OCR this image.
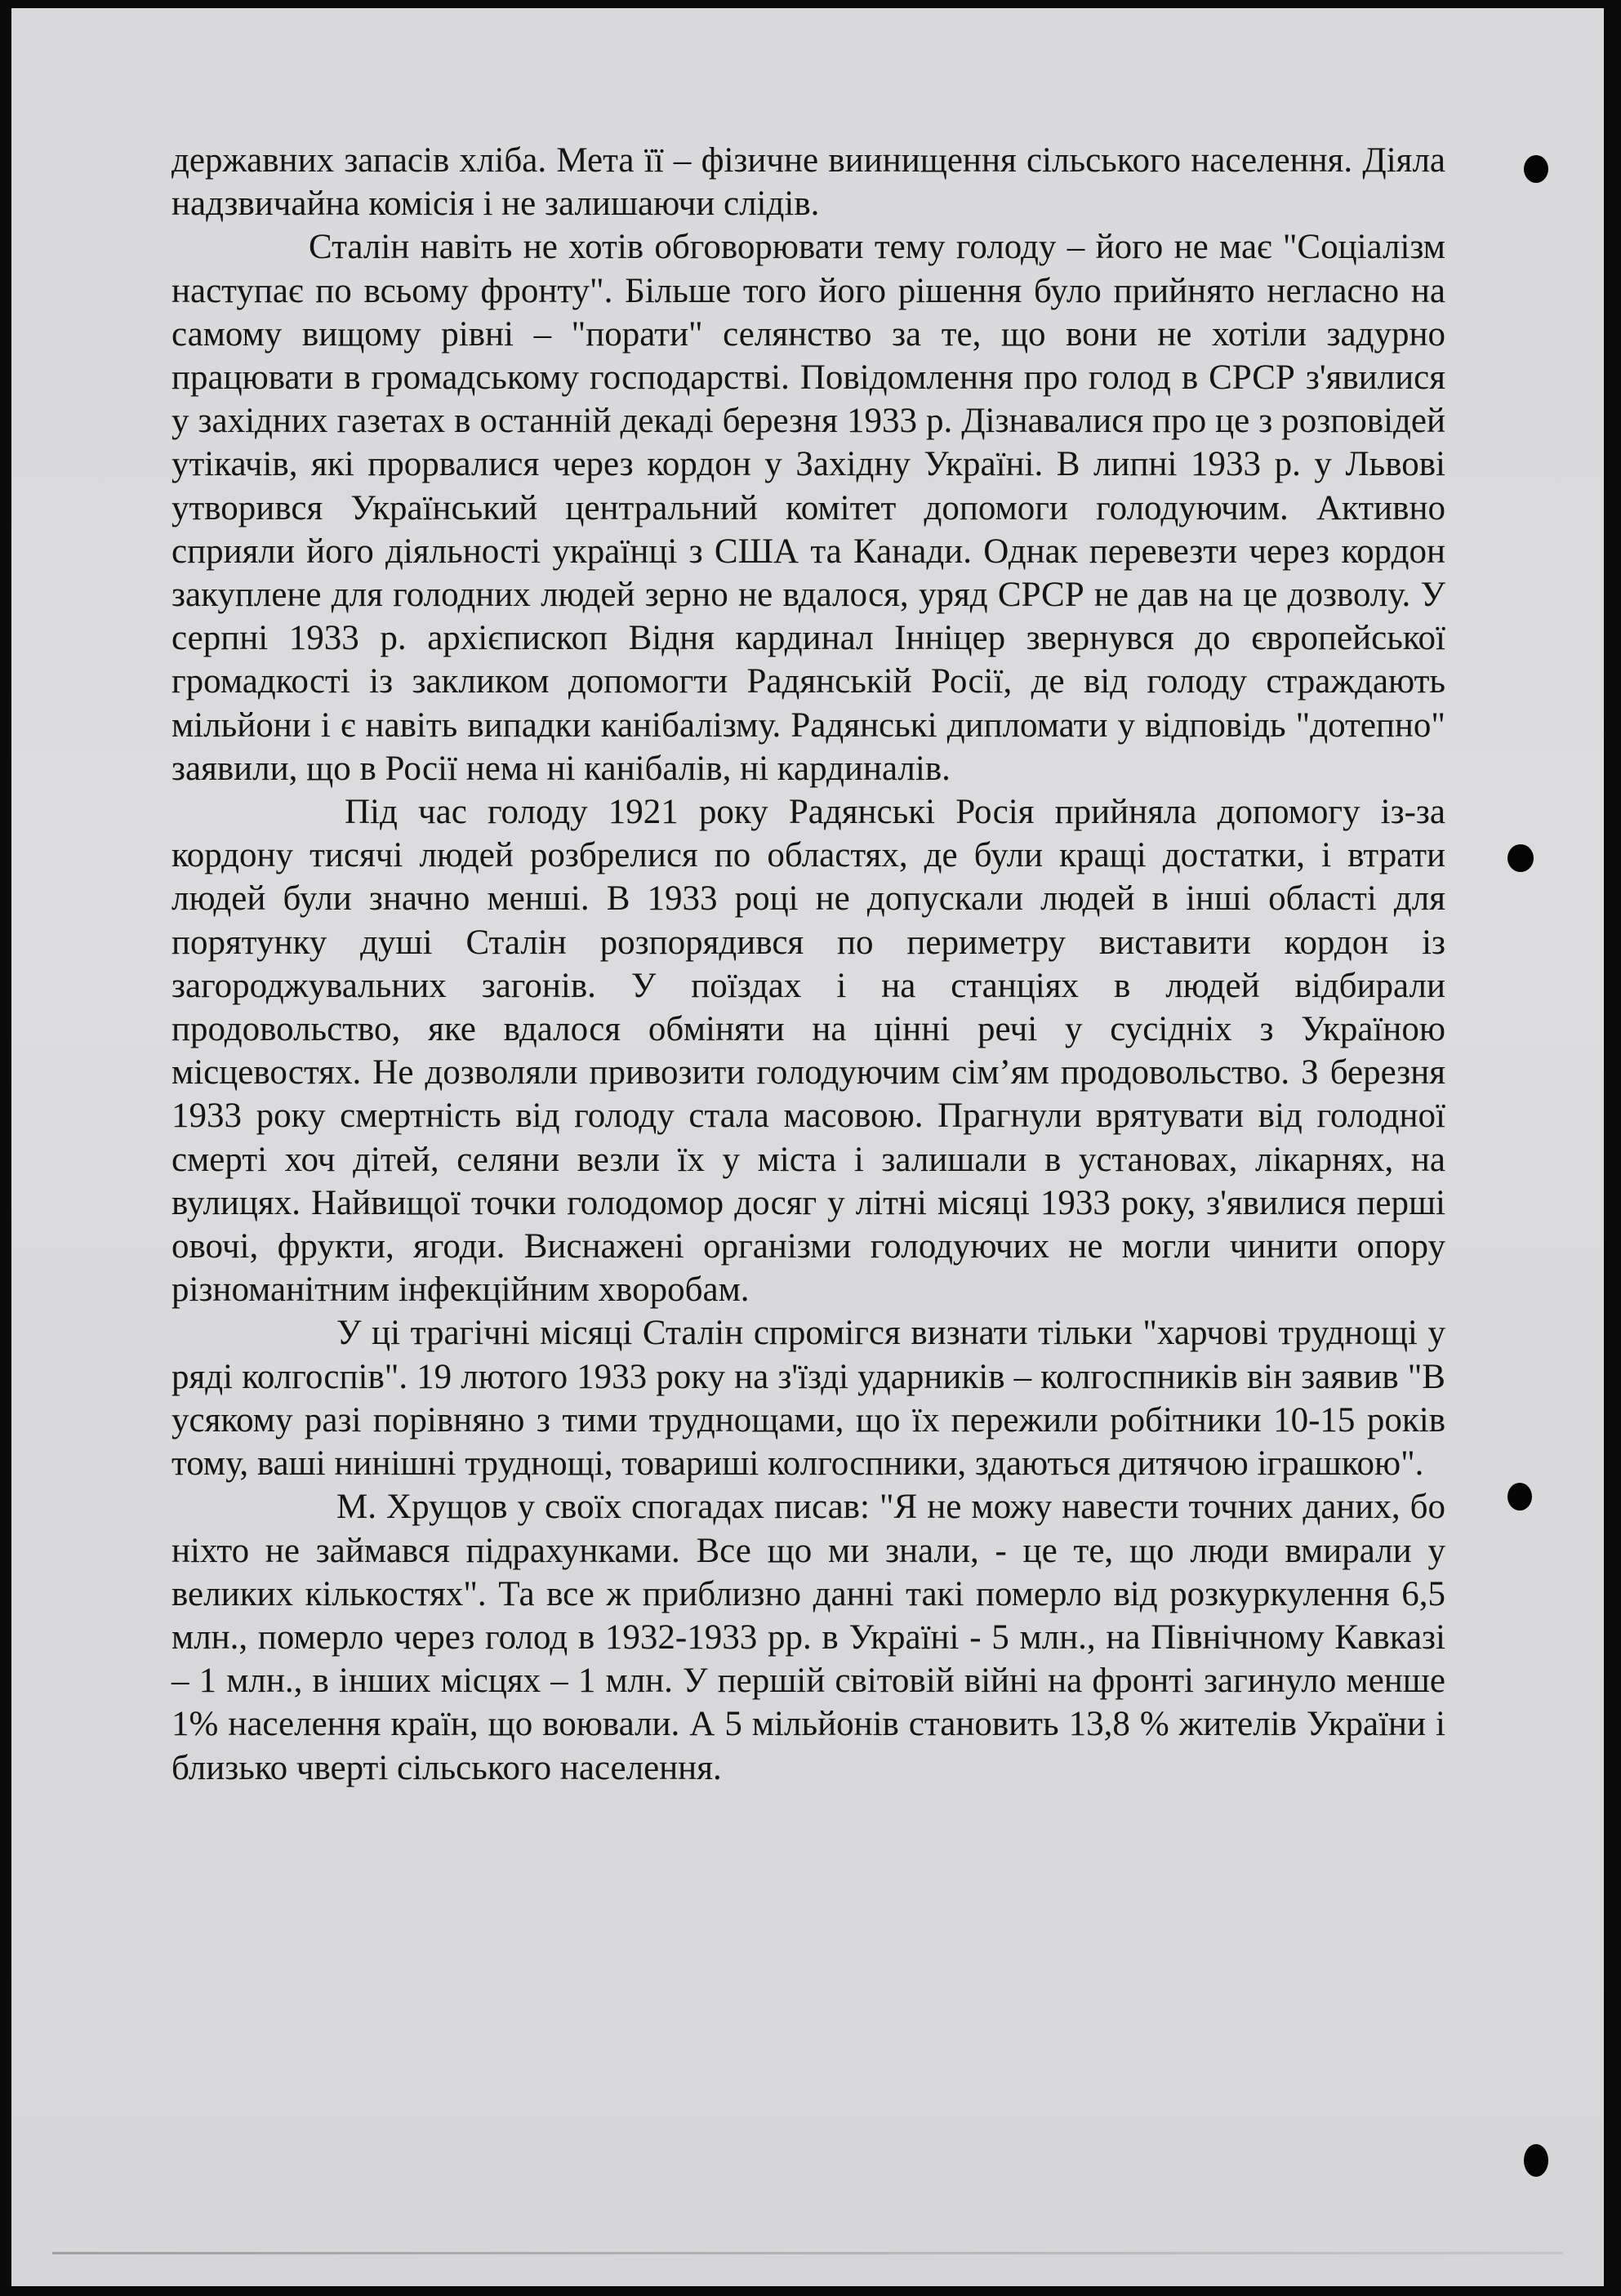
державних запасів хліба. Мета її – фізичне виинищення сільського населення. Діяла надзвичайна комісія і не залишаючи слідів.

Сталін навіть не хотів обговорювати тему голоду – його не має "Соціалізм наступає по всьому фронту". Більше того його рішення було прийнято негласно на самому вищому рівні – "порати" селянство за те, що вони не хотіли задурно працювати в громадському господарстві. Повідомлення про голод в СРСР з'явилися у західних газетах в останній декаді березня 1933 р. Дізнавалися про це з розповідей утікачів, які прорвалися через кордон у Західну Україні. В липні 1933 р. у Львові утворився Український центральний комітет допомоги голодуючим. Активно сприяли його діяльності українці з США та Канади. Однак перевезти через кордон закуплене для голодних людей зерно не вдалося, уряд СРСР не дав на це дозволу. У серпні 1933 р. архієпископ Відня кардинал Інніцер звернувся до європейської громадкості із закликом допомогти Радянській Росії, де від голоду страждають мільйони і є навіть випадки канібалізму. Радянські дипломати у відповідь "дотепно" заявили, що в Росії нема ні канібалів, ні кардиналів.

Під час голоду 1921 року Радянські Росія прийняла допомогу із-за кордону тисячі людей розбрелися по областях, де були кращі достатки, і втрати людей були значно менші. В 1933 році не допускали людей в інші області для порятунку душі Сталін розпорядився по периметру виставити кордон із загороджувальних загонів. У поїздах і на станціях в людей відбирали продовольство, яке вдалося обміняти на цінні речі у сусідніх з Україною місцевостях. Не дозволяли привозити голодуючим сім’ям продовольство. З березня 1933 року смертність від голоду стала масовою. Прагнули врятувати від голодної смерті хоч дітей, селяни везли їх у міста і залишали в установах, лікарнях, на вулицях. Найвищої точки голодомор досяг у літні місяці 1933 року, з'явилися перші овочі, фрукти, ягоди. Виснажені організми голодуючих не могли чинити опору різноманітним інфекційним хворобам.

У ці трагічні місяці Сталін спромігся визнати тільки "харчові труднощі у ряді колгоспів". 19 лютого 1933 року на з'їзді ударників – колгоспників він заявив "В усякому разі порівняно з тими труднощами, що їх пережили робітники 10-15 років тому, ваші нинішні труднощі, товариші колгоспники, здаються дитячою іграшкою".

М. Хрущов у своїх спогадах писав: "Я не можу навести точних даних, бо ніхто не займався підрахунками. Все що ми знали, - це те, що люди вмирали у великих кількостях". Та все ж приблизно данні такі померло від розкуркулення 6,5 млн., померло через голод в 1932-1933 рр. в Україні - 5 млн., на Північному Кавказі – 1 млн., в інших місцях – 1 млн. У першій світовій війні на фронті загинуло менше 1% населення країн, що воювали. А 5 мільйонів становить 13,8 % жителів України і близько чверті сільського населення.
